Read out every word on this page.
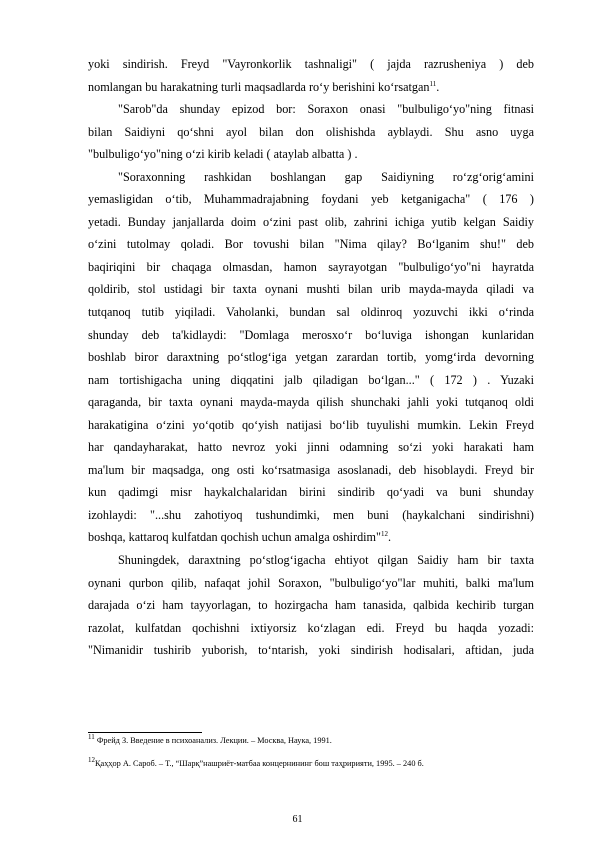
yoki sindirish. Freyd "Vayronkorlik tashnaligi" ( jajda razrusheniya ) deb
nomlangan bu harakatning turli maqsadlarda ro‘y berishini ko‘rsatgan$^{11}$.
"Sarob"da shunday epizod bor: Soraxon onasi "bulbuligo‘yo"ning fitnasi
bilan Saidiyni qo‘shni ayol bilan don olishishda ayblaydi. Shu asno uyga
"bulbuligo‘yo"ning o‘zi kirib keladi ( ataylab albatta ) .
"Soraxonning rashkidan boshlangan gap Saidiyning ro‘zg‘orig‘amini
yemasligidan o‘tib, Muhammadrajabning foydani yeb ketganigacha" ( 176 )
yetadi. Bunday janjallarda doim o‘zini past olib, zahrini ichiga yutib kelgan Saidiy
o‘zini tutolmay qoladi. Bor tovushi bilan "Nima qilay? Bo‘lganim shu!" deb
baqiriqini bir chaqaga olmasdan, hamon sayrayotgan "bulbuligo‘yo"ni hayratda
qoldirib, stol ustidagi bir taxta oynani mushti bilan urib mayda-mayda qiladi va
tutqanoq tutib yiqiladi. Vaholanki, bundan sal oldinroq yozuvchi ikki o‘rinda
shunday deb ta'kidlaydi: "Domlaga merosxo‘r bo‘luviga ishongan kunlaridan
boshlab biror daraxtning po‘stlog‘iga yetgan zarardan tortib, yomg‘irda devorning
nam tortishigacha uning diqqatini jalb qiladigan bo‘lgan..." ( 172 ) . Yuzaki
qaraganda, bir taxta oynani mayda-mayda qilish shunchaki jahli yoki tutqanoq oldi
harakatigina o‘zini yo‘qotib qo‘yish natijasi bo‘lib tuyulishi mumkin. Lekin Freyd
har qandayharakat, hatto nevroz yoki jinni odamning so‘zi yoki harakati ham
ma'lum bir maqsadga, ong osti ko‘rsatmasiga asoslanadi, deb hisoblaydi. Freyd bir
kun qadimgi misr haykalchalaridan birini sindirib qo‘yadi va buni shunday
izohlaydi: "...shu zahotiyoq tushundimki, men buni (haykalchani sindirishni)
boshqa, kattaroq kulfatdan qochish uchun amalga oshirdim"$^{12}$.
Shuningdek, daraxtning po‘stlog‘igacha ehtiyot qilgan Saidiy ham bir taxta
oynani qurbon qilib, nafaqat johil Soraxon, "bulbuligo‘yo"lar muhiti, balki ma'lum
darajada o‘zi ham tayyorlagan, to hozirgacha ham tanasida, qalbida kechirib turgan
razolat, kulfatdan qochishni ixtiyorsiz ko‘zlagan edi. Freyd bu haqda yozadi:
"Nimanidir tushirib yuborish, to‘ntarish, yoki sindirish hodisalari, aftidan, juda
$^{11}$ Фрейд З. Введение в психоанализ. Лекции. – Москва, Наука, 1991.
$^{12}$Қаҳҳор А. Сароб. – Т., “Шарқ”нашриёт-матбаа концернининг бош таҳририяти, 1995. – 240 б.
61
